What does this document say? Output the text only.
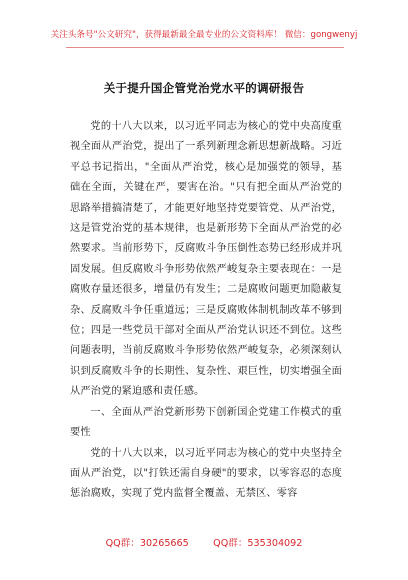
关注头条号"公文研究"，获得最新最全最专业的公文资料库！ 微信：gongwenyj
关于提升国企管党治党水平的调研报告

党的十八大以来，以习近平同志为核心的党中央高度重视全面从严治党，提出了一系列新理念新思想新战略。习近平总书记指出，"全面从严治党，核心是加强党的领导，基础在全面，关键在严，要害在治。"只有把全面从严治党的思路举措搞清楚了，才能更好地坚持党要管党、从严治党，这是管党治党的基本规律，也是新形势下全面从严治党的必然要求。当前形势下，反腐败斗争压倒性态势已经形成并巩固发展。但反腐败斗争形势依然严峻复杂主要表现在：一是腐败存量还很多，增量仍有发生；二是腐败问题更加隐蔽复杂、反腐败斗争任重道远；三是反腐败体制机制改革不够到位；四是一些党员干部对全面从严治党认识还不到位。这些问题表明，当前反腐败斗争形势依然严峻复杂，必须深刻认识到反腐败斗争的长期性、复杂性、艰巨性，切实增强全面从严治党的紧迫感和责任感。

一、全面从严治党新形势下创新国企党建工作模式的重要性

党的十八大以来，以习近平同志为核心的党中央坚持全面从严治党，以"打铁还需自身硬"的要求，以零容忍的态度惩治腐败，实现了党内监督全覆盖、无禁区、零容

QQ群：30265665	QQ群：535304092
